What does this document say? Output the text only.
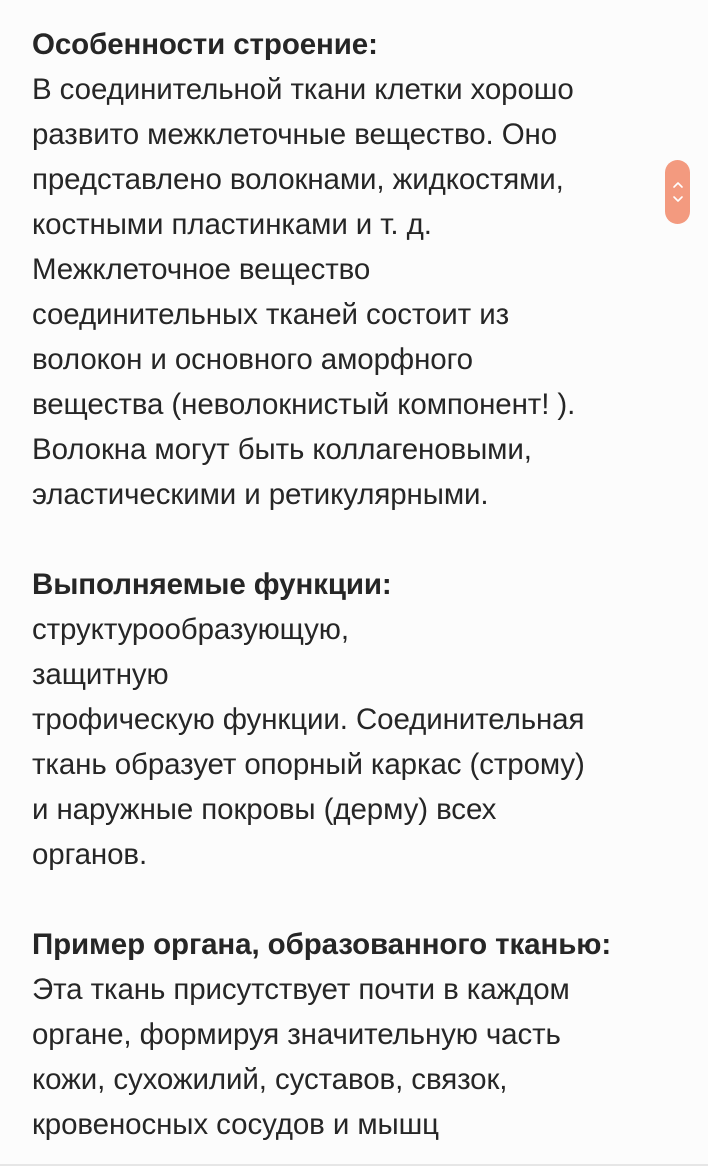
Особенности строение:
В соединительной ткани клетки хорошо
развито межклеточные вещество. Оно
представлено волокнами, жидкостями,
костными пластинками и т. д.
Межклеточное вещество
соединительных тканей состоит из
волокон и основного аморфного
вещества (неволокнистый компонент! ).
Волокна могут быть коллагеновыми,
эластическими и ретикулярными.
Выполняемые функции:
структурообразующую,
защитную
трофическую функции. Соединительная
ткань образует опорный каркас (строму)
и наружные покровы (дерму) всех
органов.
Пример органа, образованного тканью:
Эта ткань присутствует почти в каждом
органе, формируя значительную часть
кожи, сухожилий, суставов, связок,
кровеносных сосудов и мышц
